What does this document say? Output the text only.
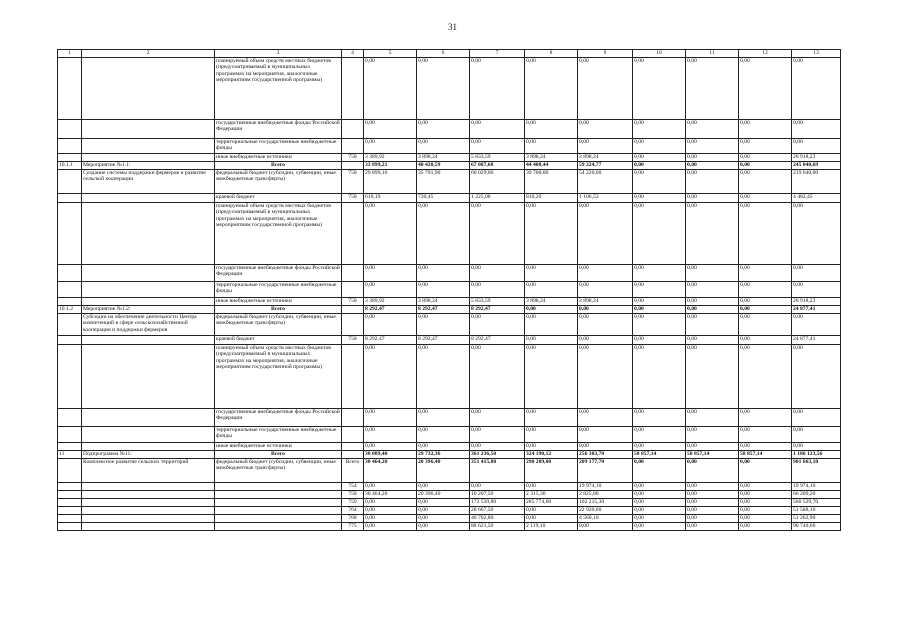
31
1	2	3	4	5	6	7	8	9	10	11	12	13
		планируемый объем средств местных бюджетов (предусматриваемый в муниципальных программах на мероприятия, аналогичные мероприятиям государственной программы)		0,00	0,00	0,00	0,00	0,00	0,00	0,00	0,00	0,00
		государственные внебюджетные фонды Российской Федерации		0,00	0,00	0,00	0,00	0,00	0,00	0,00	0,00	0,00
		территориальные государственные внебюджетные фонды		0,00	0,00	0,00	0,00	0,00	0,00	0,00	0,00	0,00
		иные внебюджетные источники	758	3 389,92	3 898,24	5 833,59	3 898,24	3 898,24	0,00	0,00	0,00	20 918,23
10.1.1	Мероприятие №1.1:	Всего		33 899,21	40 420,59	67 087,68	44 408,44	59 224,77	0,00	0,00	0,00	245 040,69
	Создание системы поддержки фермеров и развитие сельской кооперации	федеральный бюджет (субсидии, субвенции, иные межбюджетные трансферты)	758	29 899,10	35 791,90	60 029,00	39 700,00	54 220,00	0,00	0,00	0,00	219 640,00
		краевой бюджет	758	610,19	730,45	1 225,08	810,20	1 106,53	0,00	0,00	0,00	4 482,45
		планируемый объем средств местных бюджетов (предусматриваемый в муниципальных программах на мероприятия, аналогичные мероприятиям государственной программы)		0,00	0,00	0,00	0,00	0,00	0,00	0,00	0,00	0,00
		государственные внебюджетные фонды Российской Федерации		0,00	0,00	0,00	0,00	0,00	0,00	0,00	0,00	0,00
		территориальные государственные внебюджетные фонды		0,00	0,00	0,00	0,00	0,00	0,00	0,00	0,00	0,00
		иные внебюджетные источники	758	3 389,92	3 898,24	5 833,59	3 898,24	3 898,24	0,00	0,00	0,00	20 918,23
10.1.2	Мероприятие №1.2:	Всего		8 292,47	8 292,47	8 292,47	0,00	0,00	0,00	0,00	0,00	24 877,41
	Субсидии на обеспечение деятельности Центра компетенций в сфере сельскохозяйственной кооперации и поддержки фермеров	федеральный бюджет (субсидии, субвенции, иные межбюджетные трансферты)		0,00	0,00	0,00	0,00	0,00	0,00	0,00	0,00	0,00
		краевой бюджет	758	8 292,47	8 292,47	8 292,47	0,00	0,00	0,00	0,00	0,00	24 877,41
		планируемый объем средств местных бюджетов (предусматриваемый в муниципальных программах на мероприятия, аналогичные мероприятиям государственной программы)		0,00	0,00	0,00	0,00	0,00	0,00	0,00	0,00	0,00
		государственные внебюджетные фонды Российской Федерации		0,00	0,00	0,00	0,00	0,00	0,00	0,00	0,00	0,00
		территориальные государственные внебюджетные фонды		0,00	0,00	0,00	0,00	0,00	0,00	0,00	0,00	0,00
		иные внебюджетные источники		0,00	0,00	0,00	0,00	0,00	0,00	0,00	0,00	0,00
11	Подпрограмма №11:	Всего		38 089,40	29 732,36	361 236,50	324 190,12	256 303,78	58 857,14	58 857,14	58 857,14	1 186 123,56
	Комплексное развитие сельских территорий	федеральный бюджет (субсидии, субвенции, иные межбюджетные трансферты)	Всего	30 464,20	20 396,40	351 415,80	290 209,00	209 177,70	0,00	0,00	0,00	901 663,10
			754	0,00	0,00	0,00	0,00	19 974,10	0,00	0,00	0,00	19 974,10
			758	30 464,20	20 396,40	10 207,50	2 315,30	2 825,80	0,00	0,00	0,00	66 209,20
			759	0,00	0,00	172 539,80	285 774,60	102 215,30	0,00	0,00	0,00	560 529,70
			764	0,00	0,00	28 667,50	0,00	22 920,60	0,00	0,00	0,00	51 588,10
			768	0,00	0,00	46 702,80	0,00	4 560,10	0,00	0,00	0,00	51 262,90
			775	0,00	0,00	88 621,50	2 119,10	0,00	0,00	0,00	0,00	90 740,60
